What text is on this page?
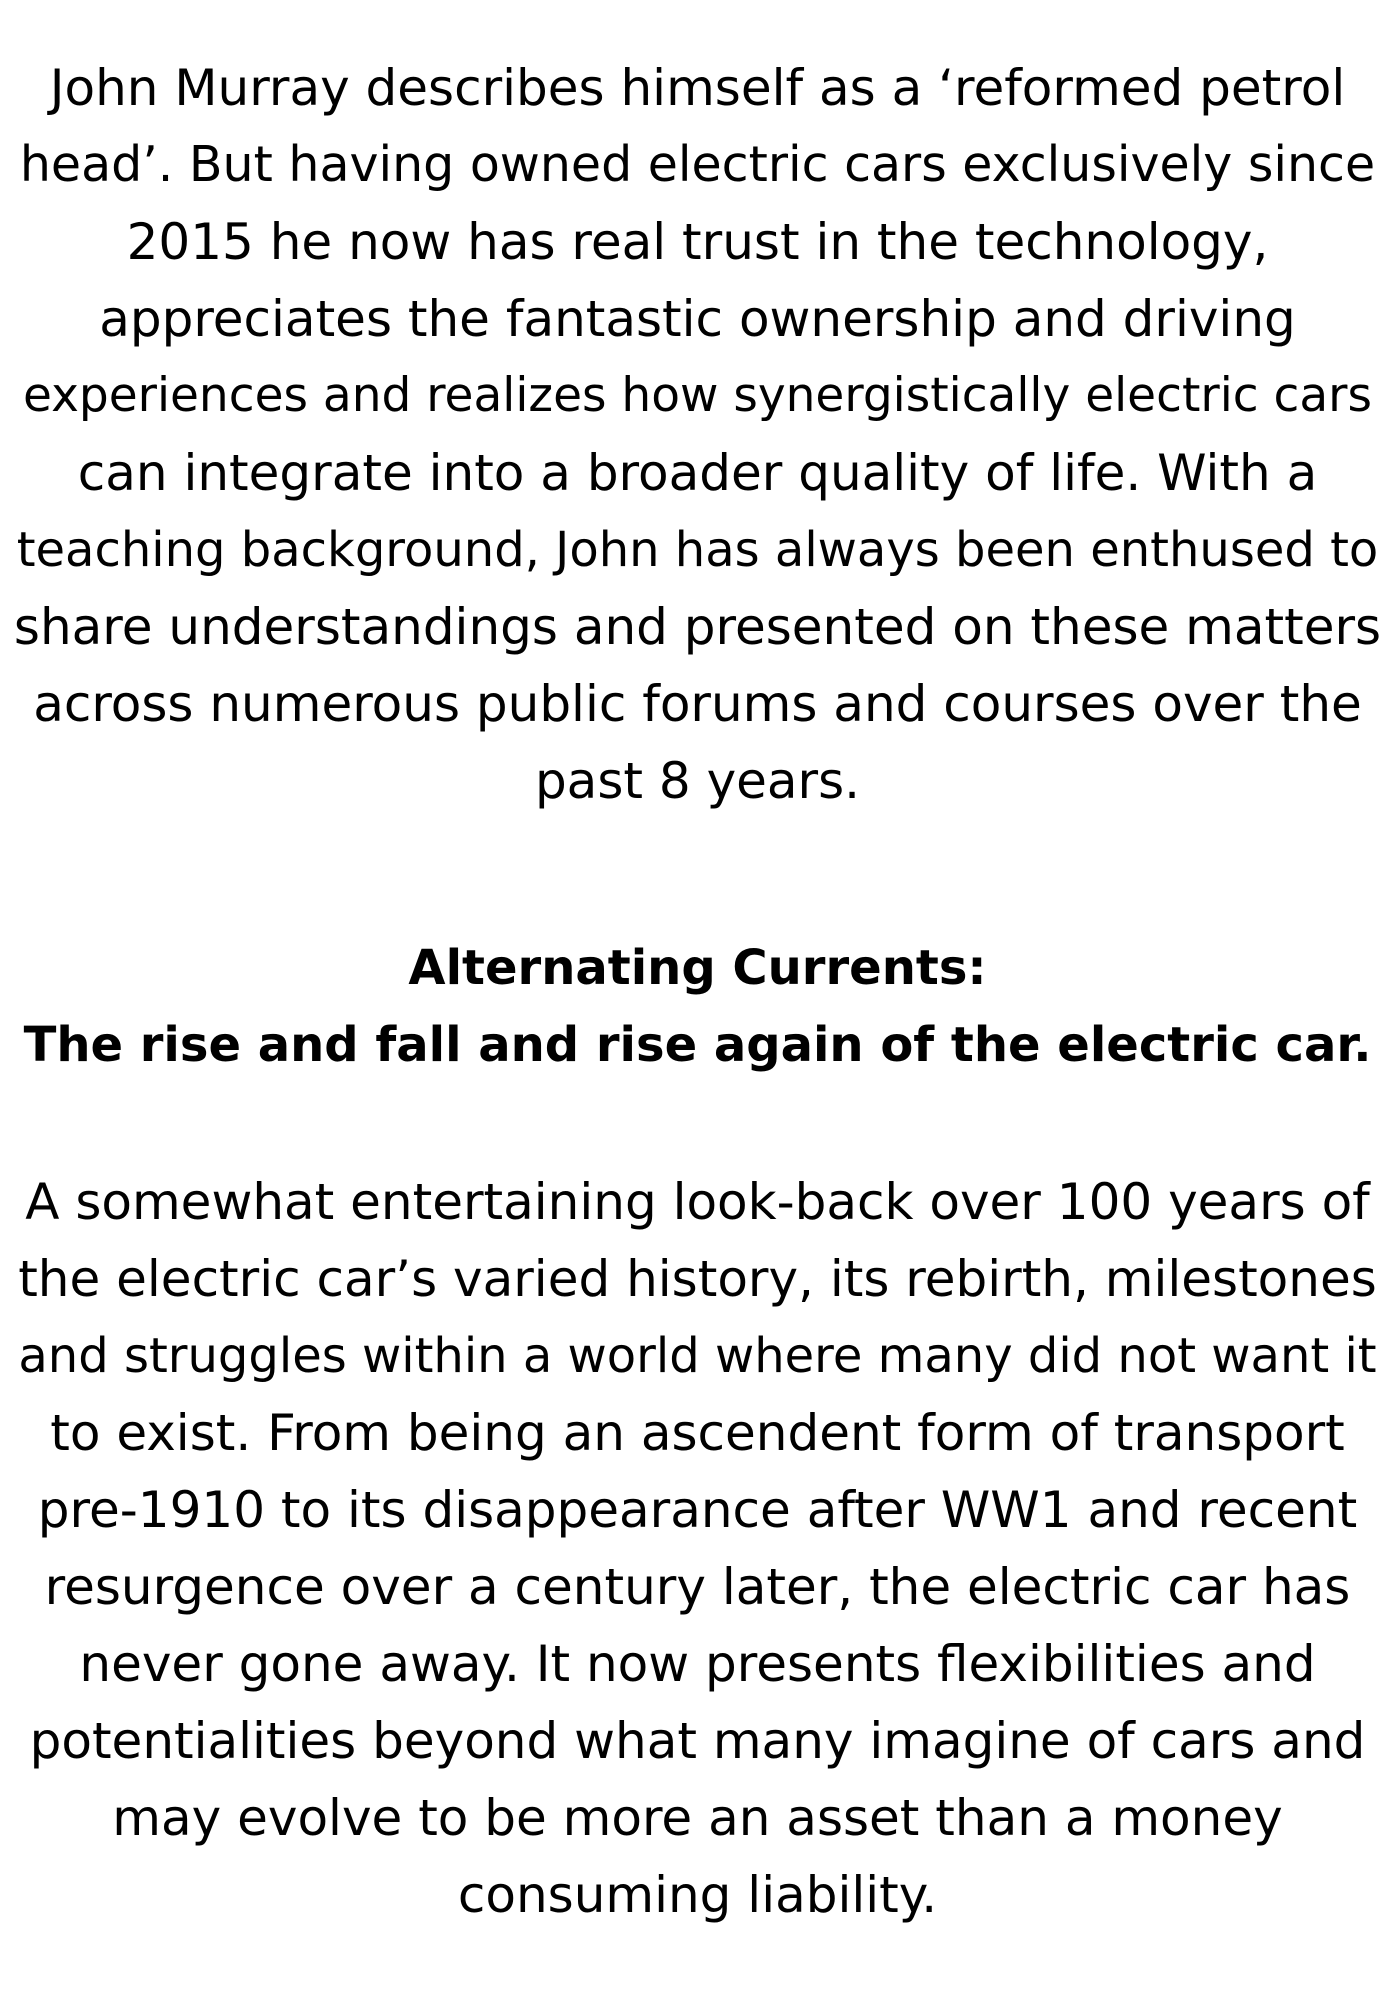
John Murray describes himself as a ‘reformed petrol
head’. But having owned electric cars exclusively since
2015 he now has real trust in the technology,
appreciates the fantastic ownership and driving
experiences and realizes how synergistically electric cars
can integrate into a broader quality of life. With a
teaching background, John has always been enthused to
share understandings and presented on these matters
across numerous public forums and courses over the
past 8 years.
Alternating Currents:
The rise and fall and rise again of the electric car.
A somewhat entertaining look-back over 100 years of
the electric car’s varied history, its rebirth, milestones
and struggles within a world where many did not want it
to exist. From being an ascendent form of transport
pre-1910 to its disappearance after WW1 and recent
resurgence over a century later, the electric car has
never gone away. It now presents flexibilities and
potentialities beyond what many imagine of cars and
may evolve to be more an asset than a money
consuming liability.
